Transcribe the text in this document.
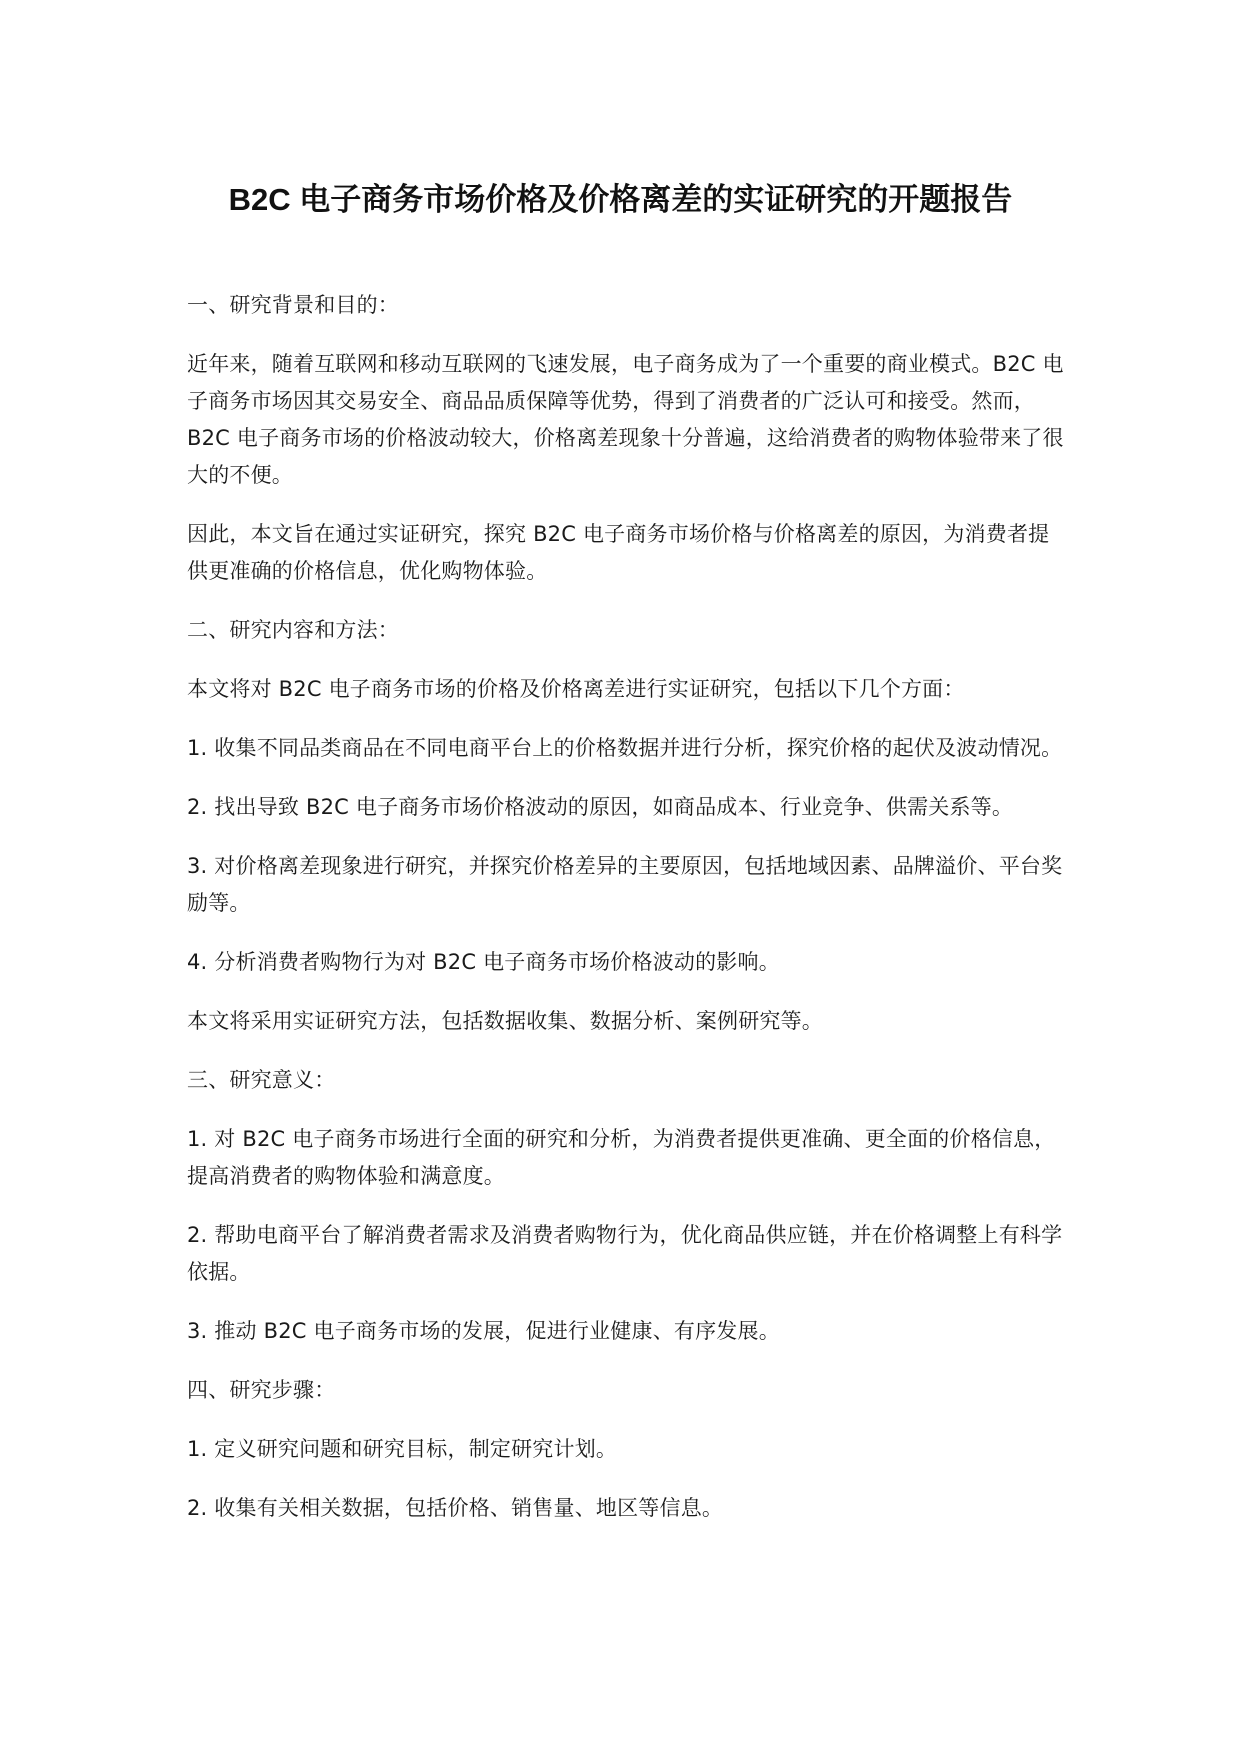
B2C 电子商务市场价格及价格离差的实证研究的开题报告

一、研究背景和目的：

近年来，随着互联网和移动互联网的飞速发展，电子商务成为了一个重要的商业模式。B2C 电子商务市场因其交易安全、商品品质保障等优势，得到了消费者的广泛认可和接受。然而，B2C 电子商务市场的价格波动较大，价格离差现象十分普遍，这给消费者的购物体验带来了很大的不便。

因此，本文旨在通过实证研究，探究 B2C 电子商务市场价格与价格离差的原因，为消费者提供更准确的价格信息，优化购物体验。

二、研究内容和方法：

本文将对 B2C 电子商务市场的价格及价格离差进行实证研究，包括以下几个方面：

1. 收集不同品类商品在不同电商平台上的价格数据并进行分析，探究价格的起伏及波动情况。

2. 找出导致 B2C 电子商务市场价格波动的原因，如商品成本、行业竞争、供需关系等。

3. 对价格离差现象进行研究，并探究价格差异的主要原因，包括地域因素、品牌溢价、平台奖励等。

4. 分析消费者购物行为对 B2C 电子商务市场价格波动的影响。

本文将采用实证研究方法，包括数据收集、数据分析、案例研究等。

三、研究意义：

1. 对 B2C 电子商务市场进行全面的研究和分析，为消费者提供更准确、更全面的价格信息，提高消费者的购物体验和满意度。

2. 帮助电商平台了解消费者需求及消费者购物行为，优化商品供应链，并在价格调整上有科学依据。

3. 推动 B2C 电子商务市场的发展，促进行业健康、有序发展。

四、研究步骤：

1. 定义研究问题和研究目标，制定研究计划。

2. 收集有关相关数据，包括价格、销售量、地区等信息。
